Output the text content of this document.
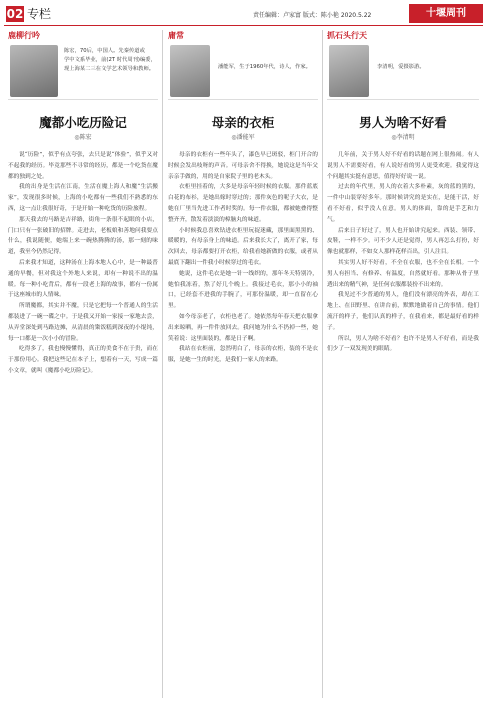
02 专栏	责任编辑：卢家富 版式：陈小艳 2020.5.22	十堰周刊
鹿柳行吟
陈宏，70后，中国人。先秦传道或
学中文系毕业，前(2T 时代周刊)编委，
现上海某二三在文学艺术领导和教师。
魔都小吃历险记
◎陈宏

说“历险”，似乎有点夸张，去只是说“体验”，似乎又对不起我的经历。毕竟那些不寻常的经历，都是一个吃货在魔都的独到之处。

我的出身是生活在江南，生活在魔上海人和魔“生活搬家”，发现很多时候，上海的小吃都有一些我们不熟悉的东西，这一点让我很好奇，于是开始一种吃货的历险旅程。

那天我去的马路是吉祥路，街角一条很不起眼的小店，门口只有一张破旧的招牌。走进去，老板娘和善地问我要点什么，我说随便，她端上来一碗热腾腾的汤，那一刻的味道，我至今仍然记得。

后来我才知道，这种汤在上海本地人心中，是一种最普通的早餐，但对我这个外地人来说，却有一种说不出的温暖。每一种小吃背后，都有一段老上海的故事，都有一份属于这座城市的人情味。

所谓魔都，其实并不魔，只是它把每一个普通人的生活都装进了一碗一碟之中。于是我又开始一家接一家地去尝，从弄堂深处到马路边摊，从清晨的粢饭糕到深夜的小馄饨，每一口都是一次小小的冒险。

吃得多了，我也慢慢懂得，真正的美食不在于贵，而在于那份用心。我把这些记在本子上，想着有一天，写成一篇小文章，就叫《魔都小吃历险记》。

庸常
潘能军，生于1960年代，诗人，作家。
母亲的衣柜
◎潘能军

母亲的衣柜有一些年头了，漆色早已斑驳，柜门开合的时候会发出吱呀的声音。可母亲舍不得换，她说这是当年父亲亲手做的，用的是自家院子里的老木头。

衣柜里挂着的，大多是母亲年轻时候的衣服。那件蓝底白花的布衫，是她出嫁时穿过的；那件灰色的呢子大衣，是她在厂里当先进工作者时奖的。每一件衣服，都被她叠得整整齐齐，散发着淡淡的樟脑丸的味道。

小时候我总喜欢钻进衣柜里玩捉迷藏，那里面黑黑的、暖暖的，有母亲身上的味道。后来我长大了，离开了家，每次回去，母亲都要打开衣柜，给我看她新做的衣服，或者从最底下翻出一件我小时候穿过的毛衣。

她说，这件毛衣是她一针一线织的，那年冬天特别冷，她怕我冻着，熬了好几个晚上。我接过毛衣，那小小的袖口，已经套不进我的手腕了，可那份温暖，却一直留在心里。

如今母亲老了，衣柜也老了。她依然每年春天把衣服拿出来晾晒，再一件件放回去。我问她为什么不扔掉一些，她笑着说：这里面装的，都是日子啊。

我站在衣柜前，忽然明白了，母亲的衣柜，装的不是衣服，是她一生的时光，是我们一家人的来路。

抓石头行天
李清明，爱摄影游。
男人为啥不好看
◎李清明

几年前，关于男人好不好看的话题在网上很热闹。有人说男人不需要好看，有人说好看的男人更受欢迎。我觉得这个问题其实挺有意思，值得好好说一说。

过去的年代里，男人的衣着大多朴素，灰的蓝的黑的，一件中山装穿好多年。那时候讲究的是实在，是能干活，好看不好看，似乎没人在意。男人的体面，靠的是手艺和力气。

后来日子好过了，男人也开始讲究起来。西装、领带、皮鞋，一样不少。可不少人还是觉得，男人再怎么打扮，好像也就那样，不如女人那样花样百出，引人注目。

其实男人好不好看，不全在衣服，也不全在长相。一个男人有担当、有修养、有温度，自然就好看。那种从骨子里透出来的精气神，是任何衣服都装扮不出来的。

我见过不少普通的男人，他们没有漂亮的外表，却在工地上、在田野里、在讲台前，默默地做着自己的事情。他们流汗的样子，他们认真的样子，在我看来，都是最好看的样子。

所以，男人为啥不好看？也许不是男人不好看，而是我们少了一双发现美的眼睛。
